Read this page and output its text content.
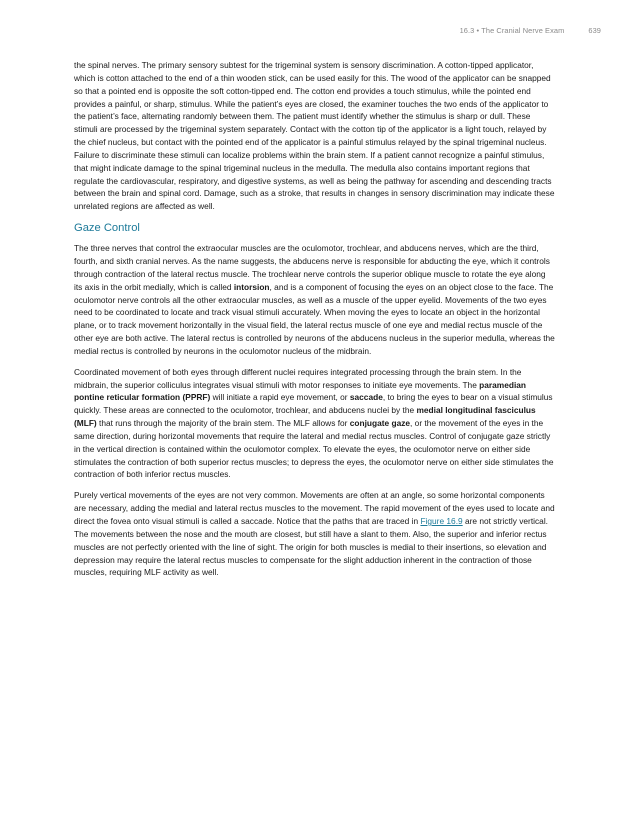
16.3 • The Cranial Nerve Exam	639

the spinal nerves. The primary sensory subtest for the trigeminal system is sensory discrimination. A cotton-tipped applicator, which is cotton attached to the end of a thin wooden stick, can be used easily for this. The wood of the applicator can be snapped so that a pointed end is opposite the soft cotton-tipped end. The cotton end provides a touch stimulus, while the pointed end provides a painful, or sharp, stimulus. While the patient’s eyes are closed, the examiner touches the two ends of the applicator to the patient’s face, alternating randomly between them. The patient must identify whether the stimulus is sharp or dull. These stimuli are processed by the trigeminal system separately. Contact with the cotton tip of the applicator is a light touch, relayed by the chief nucleus, but contact with the pointed end of the applicator is a painful stimulus relayed by the spinal trigeminal nucleus. Failure to discriminate these stimuli can localize problems within the brain stem. If a patient cannot recognize a painful stimulus, that might indicate damage to the spinal trigeminal nucleus in the medulla. The medulla also contains important regions that regulate the cardiovascular, respiratory, and digestive systems, as well as being the pathway for ascending and descending tracts between the brain and spinal cord. Damage, such as a stroke, that results in changes in sensory discrimination may indicate these unrelated regions are affected as well.

Gaze Control

The three nerves that control the extraocular muscles are the oculomotor, trochlear, and abducens nerves, which are the third, fourth, and sixth cranial nerves. As the name suggests, the abducens nerve is responsible for abducting the eye, which it controls through contraction of the lateral rectus muscle. The trochlear nerve controls the superior oblique muscle to rotate the eye along its axis in the orbit medially, which is called intorsion, and is a component of focusing the eyes on an object close to the face. The oculomotor nerve controls all the other extraocular muscles, as well as a muscle of the upper eyelid. Movements of the two eyes need to be coordinated to locate and track visual stimuli accurately. When moving the eyes to locate an object in the horizontal plane, or to track movement horizontally in the visual field, the lateral rectus muscle of one eye and medial rectus muscle of the other eye are both active. The lateral rectus is controlled by neurons of the abducens nucleus in the superior medulla, whereas the medial rectus is controlled by neurons in the oculomotor nucleus of the midbrain.

Coordinated movement of both eyes through different nuclei requires integrated processing through the brain stem. In the midbrain, the superior colliculus integrates visual stimuli with motor responses to initiate eye movements. The paramedian pontine reticular formation (PPRF) will initiate a rapid eye movement, or saccade, to bring the eyes to bear on a visual stimulus quickly. These areas are connected to the oculomotor, trochlear, and abducens nuclei by the medial longitudinal fasciculus (MLF) that runs through the majority of the brain stem. The MLF allows for conjugate gaze, or the movement of the eyes in the same direction, during horizontal movements that require the lateral and medial rectus muscles. Control of conjugate gaze strictly in the vertical direction is contained within the oculomotor complex. To elevate the eyes, the oculomotor nerve on either side stimulates the contraction of both superior rectus muscles; to depress the eyes, the oculomotor nerve on either side stimulates the contraction of both inferior rectus muscles.

Purely vertical movements of the eyes are not very common. Movements are often at an angle, so some horizontal components are necessary, adding the medial and lateral rectus muscles to the movement. The rapid movement of the eyes used to locate and direct the fovea onto visual stimuli is called a saccade. Notice that the paths that are traced in Figure 16.9 are not strictly vertical. The movements between the nose and the mouth are closest, but still have a slant to them. Also, the superior and inferior rectus muscles are not perfectly oriented with the line of sight. The origin for both muscles is medial to their insertions, so elevation and depression may require the lateral rectus muscles to compensate for the slight adduction inherent in the contraction of those muscles, requiring MLF activity as well.
